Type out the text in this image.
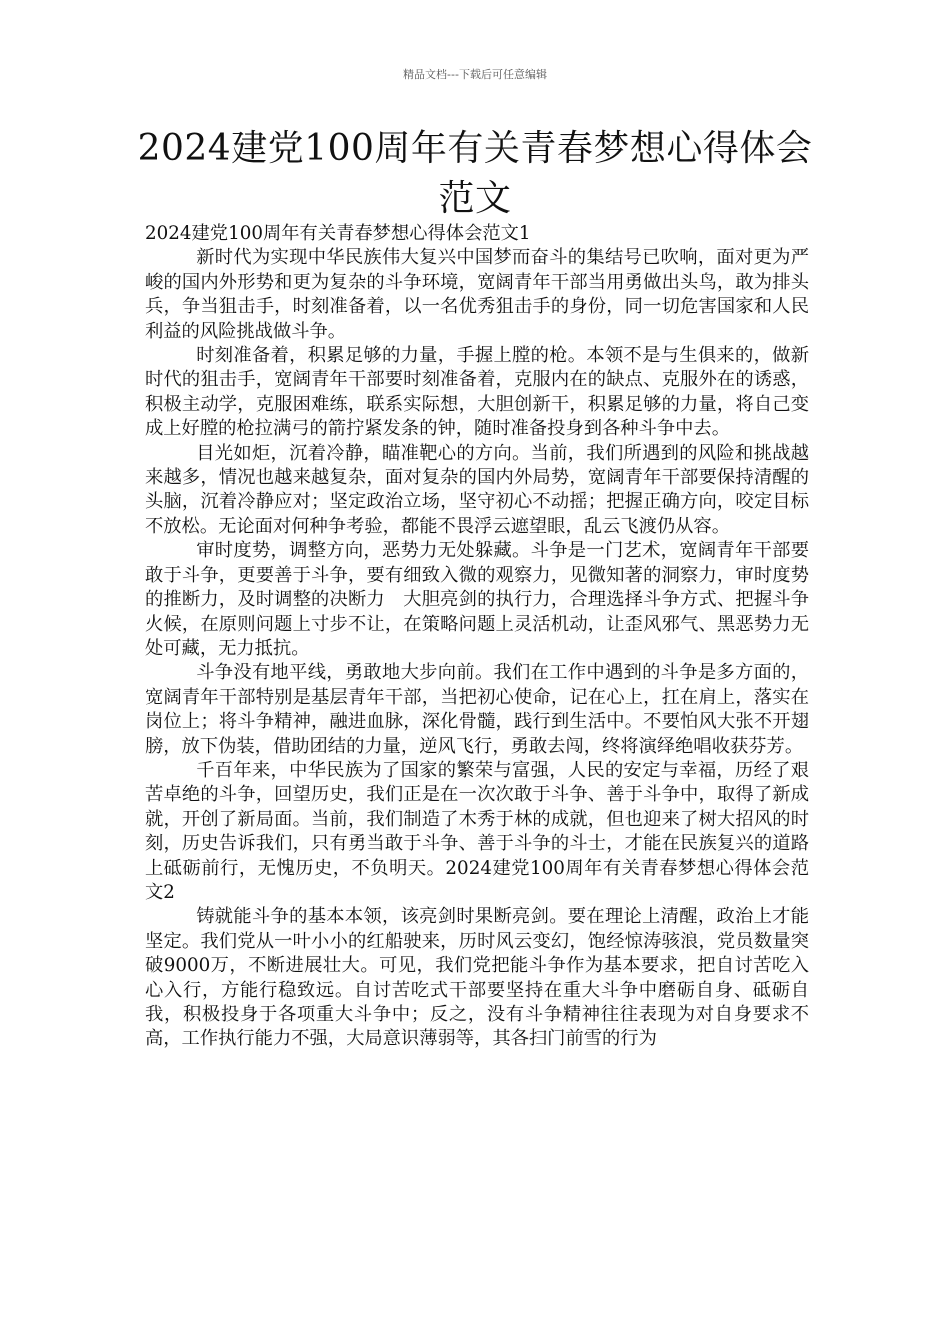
精品文档---下载后可任意编辑
2024建党100周年有关青春梦想心得体会范文
2024建党100周年有关青春梦想心得体会范文1

新时代为实现中华民族伟大复兴中国梦而奋斗的集结号已吹响，面对更为严峻的国内外形势和更为复杂的斗争环境，宽阔青年干部当用勇做出头鸟，敢为排头兵，争当狙击手，时刻准备着，以一名优秀狙击手的身份，同一切危害国家和人民利益的风险挑战做斗争。

时刻准备着，积累足够的力量，手握上膛的枪。本领不是与生俱来的，做新时代的狙击手，宽阔青年干部要时刻准备着，克服内在的缺点、克服外在的诱惑，积极主动学，克服困难练，联系实际想，大胆创新干，积累足够的力量，将自己变成上好膛的枪拉满弓的箭拧紧发条的钟，随时准备投身到各种斗争中去。

目光如炬，沉着冷静，瞄准靶心的方向。当前，我们所遇到的风险和挑战越来越多，情况也越来越复杂，面对复杂的国内外局势，宽阔青年干部要保持清醒的头脑，沉着冷静应对；坚定政治立场，坚守初心不动摇；把握正确方向，咬定目标不放松。无论面对何种争考验，都能不畏浮云遮望眼，乱云飞渡仍从容。

审时度势，调整方向，恶势力无处躲藏。斗争是一门艺术，宽阔青年干部要敢于斗争，更要善于斗争，要有细致入微的观察力，见微知著的洞察力，审时度势的推断力，及时调整的决断力　大胆亮剑的执行力，合理选择斗争方式、把握斗争火候，在原则问题上寸步不让，在策略问题上灵活机动，让歪风邪气、黑恶势力无处可藏，无力抵抗。

斗争没有地平线，勇敢地大步向前。我们在工作中遇到的斗争是多方面的，宽阔青年干部特别是基层青年干部，当把初心使命，记在心上，扛在肩上，落实在岗位上；将斗争精神，融进血脉，深化骨髓，践行到生活中。不要怕风大张不开翅膀，放下伪装，借助团结的力量，逆风飞行，勇敢去闯，终将演绎绝唱收获芬芳。

千百年来，中华民族为了国家的繁荣与富强，人民的安定与幸福，历经了艰苦卓绝的斗争，回望历史，我们正是在一次次敢于斗争、善于斗争中，取得了新成就，开创了新局面。当前，我们制造了木秀于林的成就，但也迎来了树大招风的时刻，历史告诉我们，只有勇当敢于斗争、善于斗争的斗士，才能在民族复兴的道路上砥砺前行，无愧历史，不负明天。2024建党100周年有关青春梦想心得体会范文2

铸就能斗争的基本本领，该亮剑时果断亮剑。要在理论上清醒，政治上才能坚定。我们党从一叶小小的红船驶来，历时风云变幻，饱经惊涛骇浪，党员数量突破9000万，不断进展壮大。可见，我们党把能斗争作为基本要求，把自讨苦吃入心入行，方能行稳致远。自讨苦吃式干部要坚持在重大斗争中磨砺自身、砥砺自我，积极投身于各项重大斗争中；反之，没有斗争精神往往表现为对自身要求不高，工作执行能力不强，大局意识薄弱等，其各扫门前雪的行为
